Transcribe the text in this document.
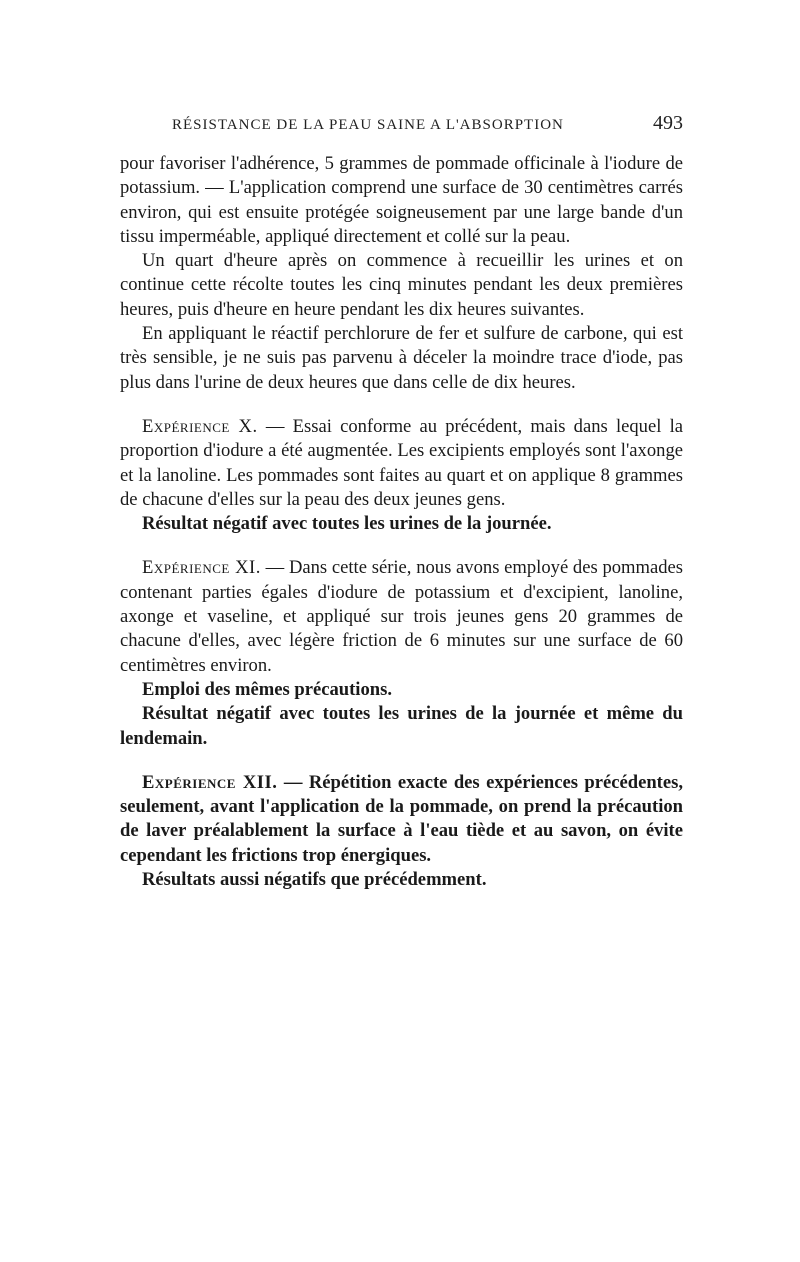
RÉSISTANCE DE LA PEAU SAINE A L'ABSORPTION	493

pour favoriser l'adhérence, 5 grammes de pommade officinale à l'iodure de potassium. — L'application comprend une surface de 30 centimètres carrés environ, qui est ensuite protégée soigneusement par une large bande d'un tissu imperméable, appliqué directement et collé sur la peau.

Un quart d'heure après on commence à recueillir les urines et on continue cette récolte toutes les cinq minutes pendant les deux premières heures, puis d'heure en heure pendant les dix heures suivantes.

En appliquant le réactif perchlorure de fer et sulfure de carbone, qui est très sensible, je ne suis pas parvenu à déceler la moindre trace d'iode, pas plus dans l'urine de deux heures que dans celle de dix heures.

Expérience X. — Essai conforme au précédent, mais dans lequel la proportion d'iodure a été augmentée. Les excipients employés sont l'axonge et la lanoline. Les pommades sont faites au quart et on applique 8 grammes de chacune d'elles sur la peau des deux jeunes gens.

Résultat négatif avec toutes les urines de la journée.

Expérience XI. — Dans cette série, nous avons employé des pommades contenant parties égales d'iodure de potassium et d'excipient, lanoline, axonge et vaseline, et appliqué sur trois jeunes gens 20 grammes de chacune d'elles, avec légère friction de 6 minutes sur une surface de 60 centimètres environ.

Emploi des mêmes précautions.

Résultat négatif avec toutes les urines de la journée et même du lendemain.

Expérience XII. — Répétition exacte des expériences précédentes, seulement, avant l'application de la pommade, on prend la précaution de laver préalablement la surface à l'eau tiède et au savon, on évite cependant les frictions trop énergiques.

Résultats aussi négatifs que précédemment.
